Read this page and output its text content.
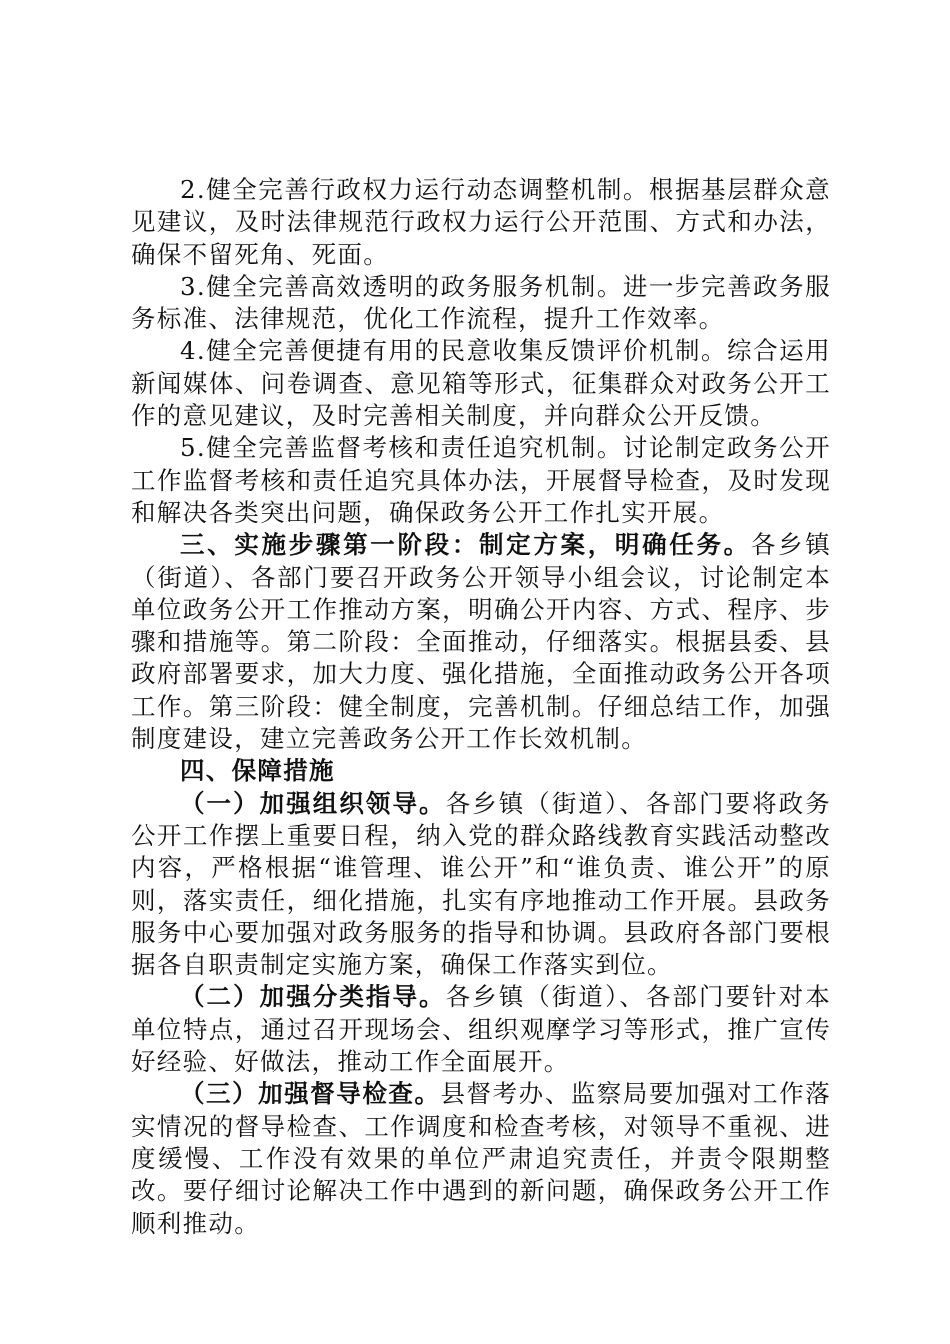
2.健全完善行政权力运行动态调整机制。根据基层群众意见建议，及时法律规范行政权力运行公开范围、方式和办法，确保不留死角、死面。

3.健全完善高效透明的政务服务机制。进一步完善政务服务标准、法律规范，优化工作流程，提升工作效率。

4.健全完善便捷有用的民意收集反馈评价机制。综合运用新闻媒体、问卷调查、意见箱等形式，征集群众对政务公开工作的意见建议，及时完善相关制度，并向群众公开反馈。

5.健全完善监督考核和责任追究机制。讨论制定政务公开工作监督考核和责任追究具体办法，开展督导检查，及时发现和解决各类突出问题，确保政务公开工作扎实开展。

三、实施步骤第一阶段：制定方案，明确任务。各乡镇（街道）、各部门要召开政务公开领导小组会议，讨论制定本单位政务公开工作推动方案，明确公开内容、方式、程序、步骤和措施等。第二阶段：全面推动，仔细落实。根据县委、县政府部署要求，加大力度、强化措施，全面推动政务公开各项工作。第三阶段：健全制度，完善机制。仔细总结工作，加强制度建设，建立完善政务公开工作长效机制。

四、保障措施

（一）加强组织领导。各乡镇（街道）、各部门要将政务公开工作摆上重要日程，纳入党的群众路线教育实践活动整改内容，严格根据“谁管理、谁公开”和“谁负责、谁公开”的原则，落实责任，细化措施，扎实有序地推动工作开展。县政务服务中心要加强对政务服务的指导和协调。县政府各部门要根据各自职责制定实施方案，确保工作落实到位。

（二）加强分类指导。各乡镇（街道）、各部门要针对本单位特点，通过召开现场会、组织观摩学习等形式，推广宣传好经验、好做法，推动工作全面展开。

（三）加强督导检查。县督考办、监察局要加强对工作落实情况的督导检查、工作调度和检查考核，对领导不重视、进度缓慢、工作没有效果的单位严肃追究责任，并责令限期整改。要仔细讨论解决工作中遇到的新问题，确保政务公开工作顺利推动。
